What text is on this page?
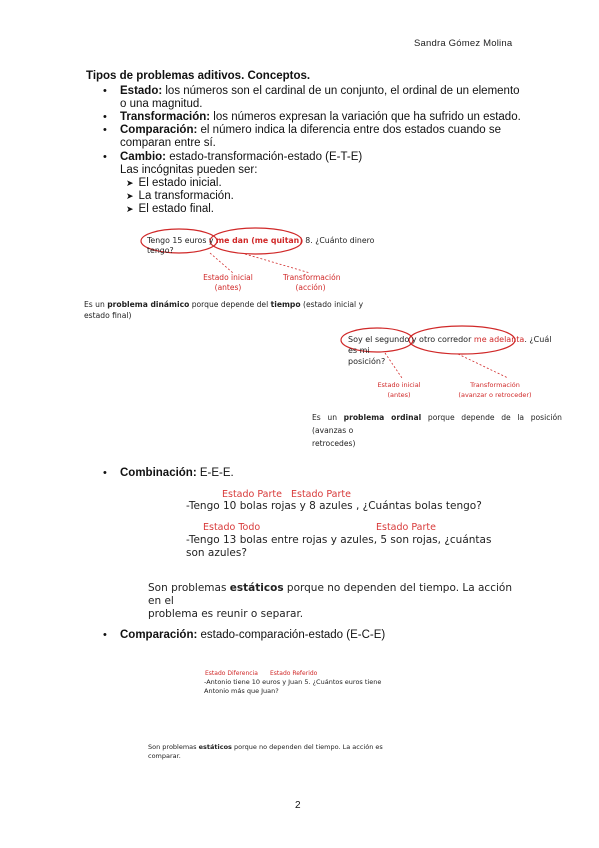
Sandra Gómez Molina
Tipos de problemas aditivos. Conceptos.
• Estado: los números son el cardinal de un conjunto, el ordinal de un elemento
o una magnitud.
• Transformación: los números expresan la variación que ha sufrido un estado.
• Comparación: el número indica la diferencia entre dos estados cuando se
comparan entre sí.
• Cambio: estado-transformación-estado (E-T-E)
Las incógnitas pueden ser:
➤ El estado inicial.
➤ La transformación.
➤ El estado final.
Tengo 15 euros y me dan (me quitan) 8. ¿Cuánto dinero
tengo?
Estado inicial
(antes)
Transformación
(acción)
Es un problema dinámico porque depende del tiempo (estado inicial y
estado final)
Soy el segundo y otro corredor me adelanta. ¿Cuál es mi
posición?
Estado inicial
(antes)
Transformación
(avanzar o retroceder)
Es un problema ordinal porque depende de la posición (avanzas o
retrocedes)
• Combinación: E-E-E.
Estado Parte Estado Parte
-Tengo 10 bolas rojas y 8 azules , ¿Cuántas bolas tengo?
Estado Todo	Estado Parte
-Tengo 13 bolas entre rojas y azules, 5 son rojas, ¿cuántas
son azules?
Son problemas estáticos porque no dependen del tiempo. La acción en el
problema es reunir o separar.
• Comparación: estado-comparación-estado (E-C-E)
Estado Diferencia Estado Referido
-Antonio tiene 10 euros y Juan 5. ¿Cuántos euros tiene
Antonio más que Juan?
Son problemas estáticos porque no dependen del tiempo. La acción es
comparar.
2
